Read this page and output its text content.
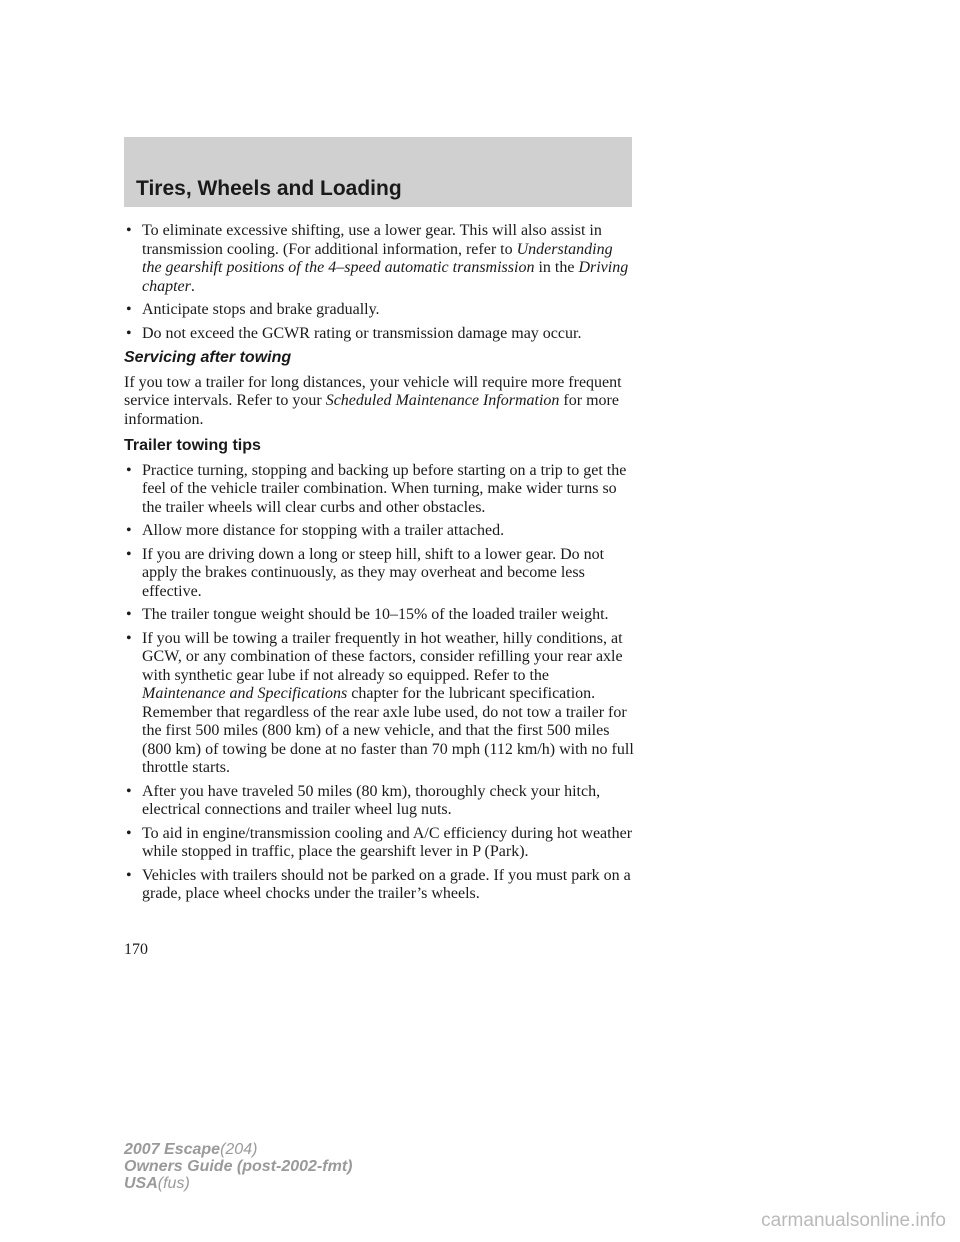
Tires, Wheels and Loading
• To eliminate excessive shifting, use a lower gear. This will also assist in transmission cooling. (For additional information, refer to Understanding the gearshift positions of the 4–speed automatic transmission in the Driving chapter.
• Anticipate stops and brake gradually.
• Do not exceed the GCWR rating or transmission damage may occur.
Servicing after towing

If you tow a trailer for long distances, your vehicle will require more frequent service intervals. Refer to your Scheduled Maintenance Information for more information.

Trailer towing tips
• Practice turning, stopping and backing up before starting on a trip to get the feel of the vehicle trailer combination. When turning, make wider turns so the trailer wheels will clear curbs and other obstacles.
• Allow more distance for stopping with a trailer attached.
• If you are driving down a long or steep hill, shift to a lower gear. Do not apply the brakes continuously, as they may overheat and become less effective.
• The trailer tongue weight should be 10–15% of the loaded trailer weight.
• If you will be towing a trailer frequently in hot weather, hilly conditions, at GCW, or any combination of these factors, consider refilling your rear axle with synthetic gear lube if not already so equipped. Refer to the Maintenance and Specifications chapter for the lubricant specification. Remember that regardless of the rear axle lube used, do not tow a trailer for the first 500 miles (800 km) of a new vehicle, and that the first 500 miles (800 km) of towing be done at no faster than 70 mph (112 km/h) with no full throttle starts.
• After you have traveled 50 miles (80 km), thoroughly check your hitch, electrical connections and trailer wheel lug nuts.
• To aid in engine/transmission cooling and A/C efficiency during hot weather while stopped in traffic, place the gearshift lever in P (Park).
• Vehicles with trailers should not be parked on a grade. If you must park on a grade, place wheel chocks under the trailer’s wheels.

170

2007 Escape(204)
Owners Guide (post-2002-fmt)
USA(fus)
carmanualsonline.info
